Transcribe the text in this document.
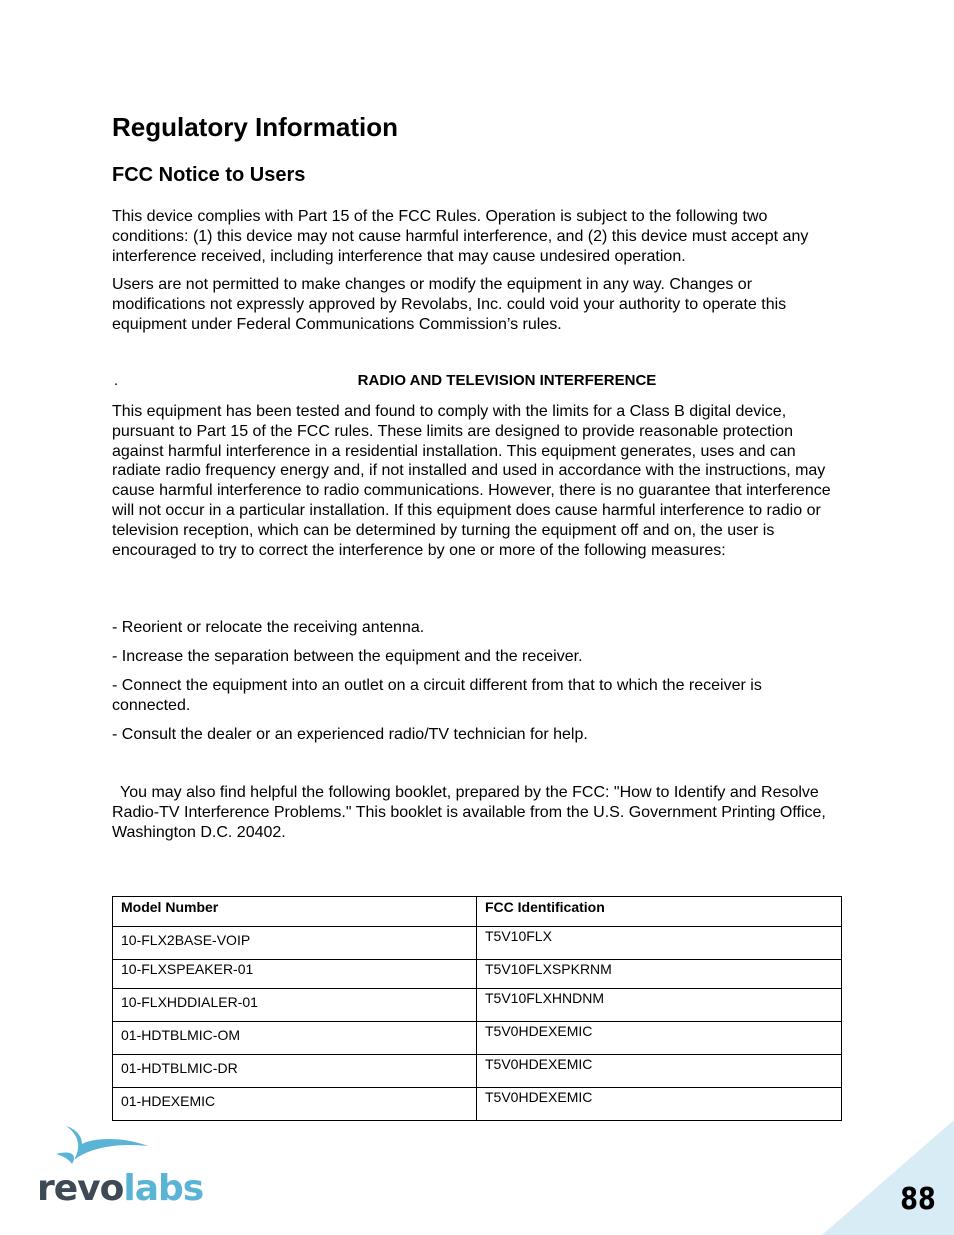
Regulatory Information
FCC Notice to Users

This device complies with Part 15 of the FCC Rules. Operation is subject to the following two conditions: (1) this device may not cause harmful interference, and (2) this device must accept any interference received, including interference that may cause undesired operation.

Users are not permitted to make changes or modify the equipment in any way. Changes or modifications not expressly approved by Revolabs, Inc. could void your authority to operate this equipment under Federal Communications Commission’s rules.

.	RADIO AND TELEVISION INTERFERENCE

This equipment has been tested and found to comply with the limits for a Class B digital device, pursuant to Part 15 of the FCC rules. These limits are designed to provide reasonable protection against harmful interference in a residential installation. This equipment generates, uses and can radiate radio frequency energy and, if not installed and used in accordance with the instructions, may cause harmful interference to radio communications. However, there is no guarantee that interference will not occur in a particular installation. If this equipment does cause harmful interference to radio or television reception, which can be determined by turning the equipment off and on, the user is encouraged to try to correct the interference by one or more of the following measures:

- Reorient or relocate the receiving antenna.

- Increase the separation between the equipment and the receiver.

- Connect the equipment into an outlet on a circuit different from that to which the receiver is connected.

- Consult the dealer or an experienced radio/TV technician for help.

You may also find helpful the following booklet, prepared by the FCC: "How to Identify and Resolve Radio-TV Interference Problems." This booklet is available from the U.S. Government Printing Office, Washington D.C. 20402.

Model Number	FCC Identification
10-FLX2BASE-VOIP	T5V10FLX
10-FLXSPEAKER-01	T5V10FLXSPKRNM
10-FLXHDDIALER-01	T5V10FLXHNDNM
01-HDTBLMIC-OM	T5V0HDEXEMIC
01-HDTBLMIC-DR	T5V0HDEXEMIC
01-HDEXEMIC	T5V0HDEXEMIC
revolabs	88
